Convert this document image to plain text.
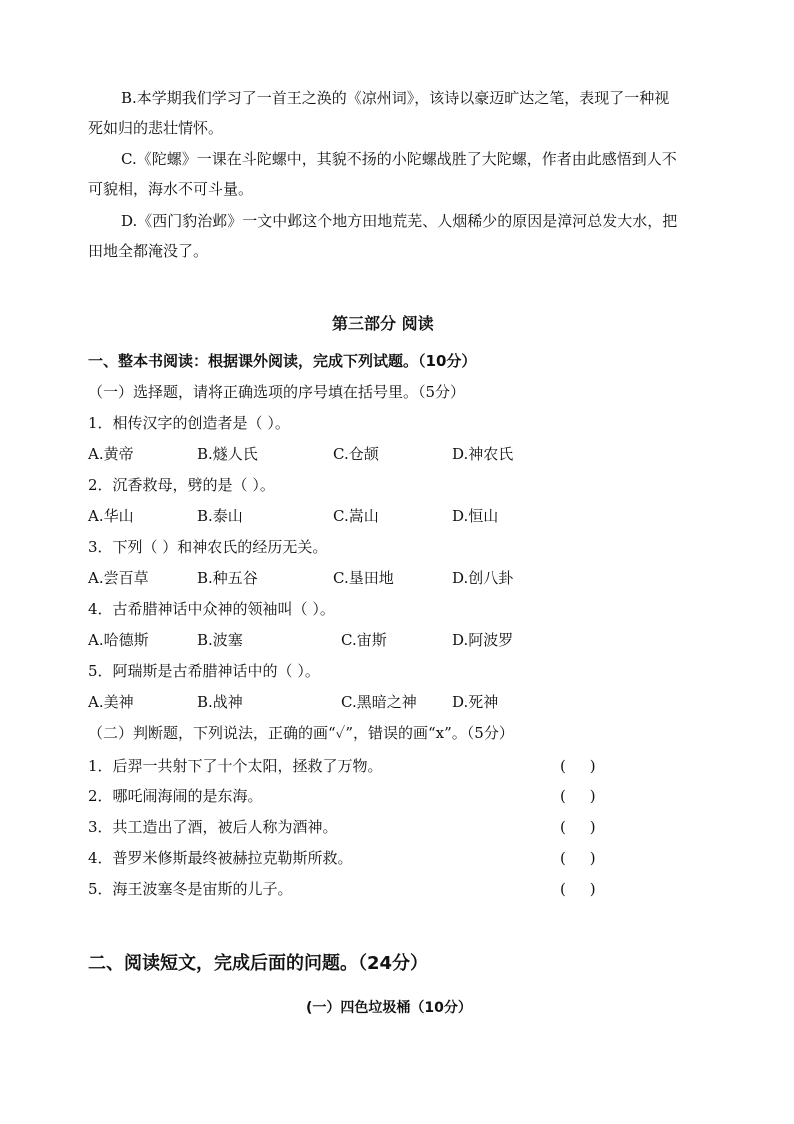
B.本学期我们学习了一首王之涣的《凉州词》，该诗以豪迈旷达之笔，表现了一种视
死如归的悲壮情怀。
C.《陀螺》一课在斗陀螺中，其貌不扬的小陀螺战胜了大陀螺，作者由此感悟到人不
可貌相，海水不可斗量。
D.《西门豹治邺》一文中邺这个地方田地荒芜、人烟稀少的原因是漳河总发大水，把
田地全都淹没了。
第三部分 阅读
一、整本书阅读：根据课外阅读，完成下列试题。（10分）
（一）选择题，请将正确选项的序号填在括号里。（5分）
1．相传汉字的创造者是（ ）。
A.黄帝	B.燧人氏	C.仓颉	D.神农氏
2．沉香救母，劈的是（ ）。
A.华山	B.泰山	C.嵩山	D.恒山
3．下列（ ）和神农氏的经历无关。
A.尝百草	B.种五谷	C.垦田地	D.创八卦
4．古希腊神话中众神的领袖叫（ ）。
A.哈德斯	B.波塞	C.宙斯	D.阿波罗
5．阿瑞斯是古希腊神话中的（ ）。
A.美神	B.战神	C.黑暗之神 D.死神
（二）判断题，下列说法，正确的画“✓”，错误的画“x”。（5分）
1．后羿一共射下了十个太阳，拯救了万物。	(     )
2．哪吒闹海闹的是东海。	(     )
3．共工造出了酒，被后人称为酒神。	(     )
4．普罗米修斯最终被赫拉克勒斯所救。	(     )
5．海王波塞冬是宙斯的儿子。	(     )
二、阅读短文，完成后面的问题。（24分）
(一）四色垃圾桶（10分）
